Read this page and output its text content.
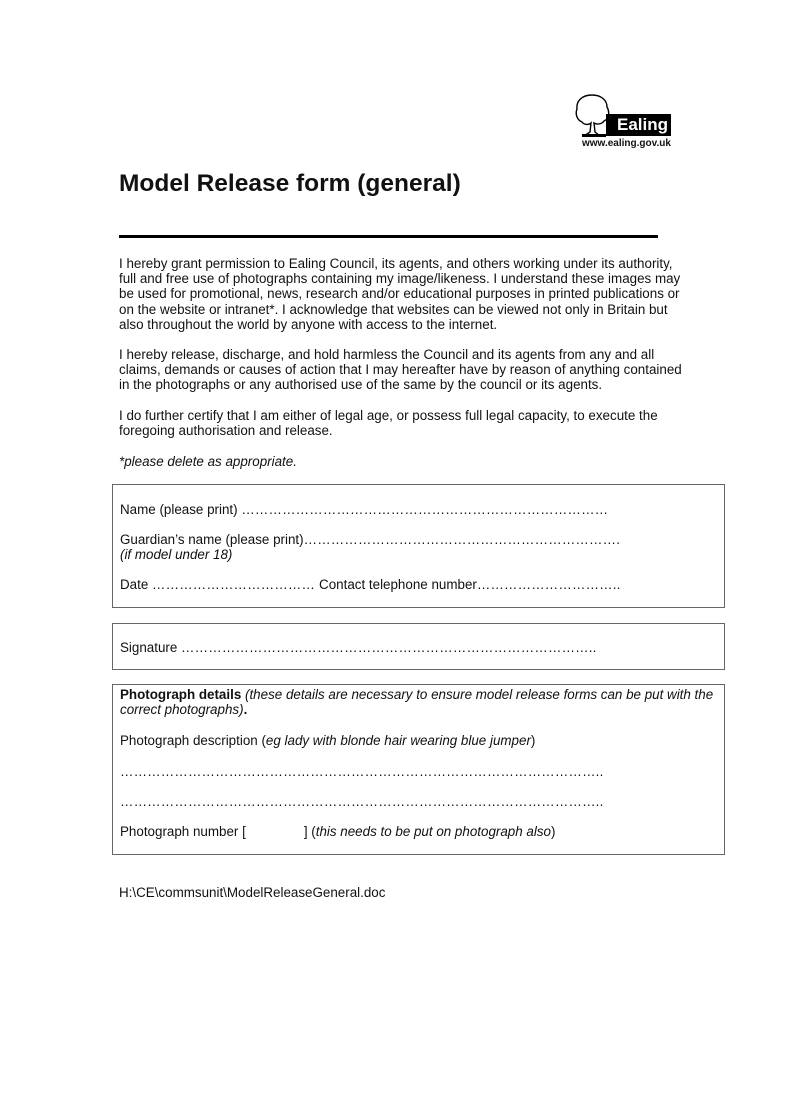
Ealing
www.ealing.gov.uk
Model Release form (general)

I hereby grant permission to Ealing Council, its agents, and others working under its authority, full and free use of photographs containing my image/likeness. I understand these images may be used for promotional, news, research and/or educational purposes in printed publications or on the website or intranet*. I acknowledge that websites can be viewed not only in Britain but also throughout the world by anyone with access to the internet.

I hereby release, discharge, and hold harmless the Council and its agents from any and all claims, demands or causes of action that I may hereafter have by reason of anything contained in the photographs or any authorised use of the same by the council or its agents.

I do further certify that I am either of legal age, or possess full legal capacity, to execute the foregoing authorisation and release.

*please delete as appropriate.

Name (please print) ………………………………………………………………………
Guardian’s name (please print)…………………………………………………………….
(if model under 18)
Date ……………………………… Contact telephone number…………………………..
Signature ………………………………………………………………………………..
Photograph details (these details are necessary to ensure model release forms can be put with the correct photographs).
Photograph description (eg lady with blonde hair wearing blue jumper)
……………………………………………………………………………………………..
……………………………………………………………………………………………..
Photograph number [	] (this needs to be put on photograph also)
H:\CE\commsunit\ModelReleaseGeneral.doc
